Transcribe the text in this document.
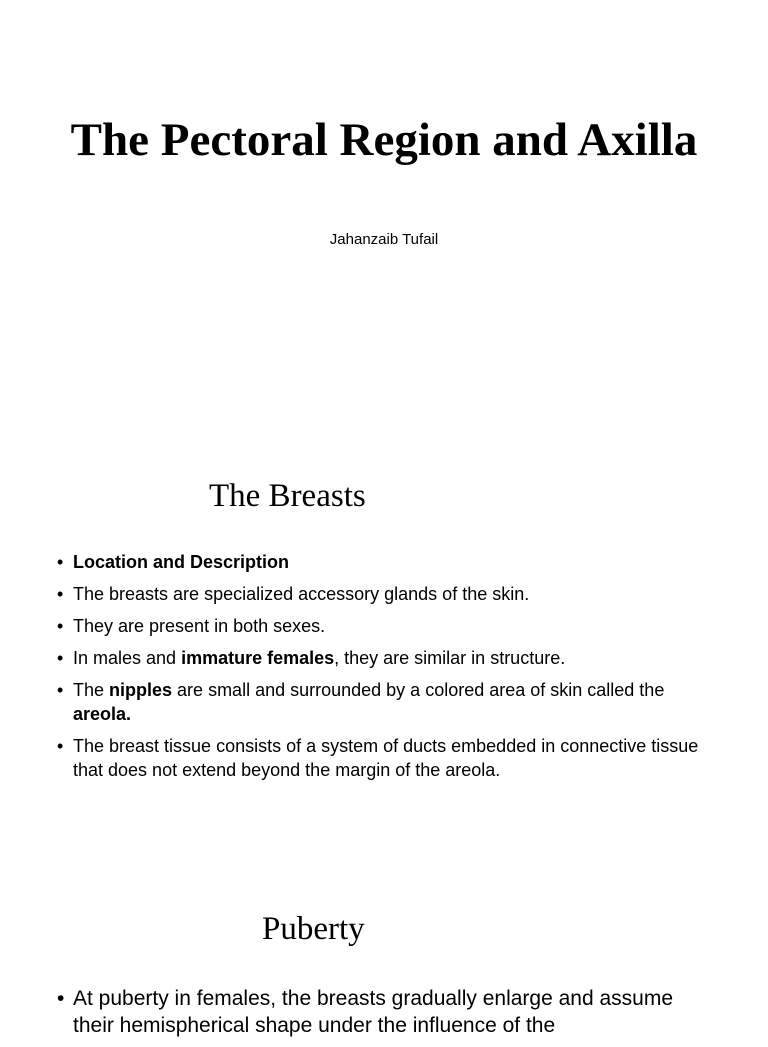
The Pectoral Region and Axilla

Jahanzaib Tufail

The Breasts
• Location and Description
• The breasts are specialized accessory glands of the skin.
• They are present in both sexes.
• In males and immature females, they are similar in structure.
• The nipples are small and surrounded by a colored area of skin called the areola.
• The breast tissue consists of a system of ducts embedded in connective tissue that does not extend beyond the margin of the areola.
Puberty
• At puberty in females, the breasts gradually enlarge and assume their hemispherical shape under the influence of the
